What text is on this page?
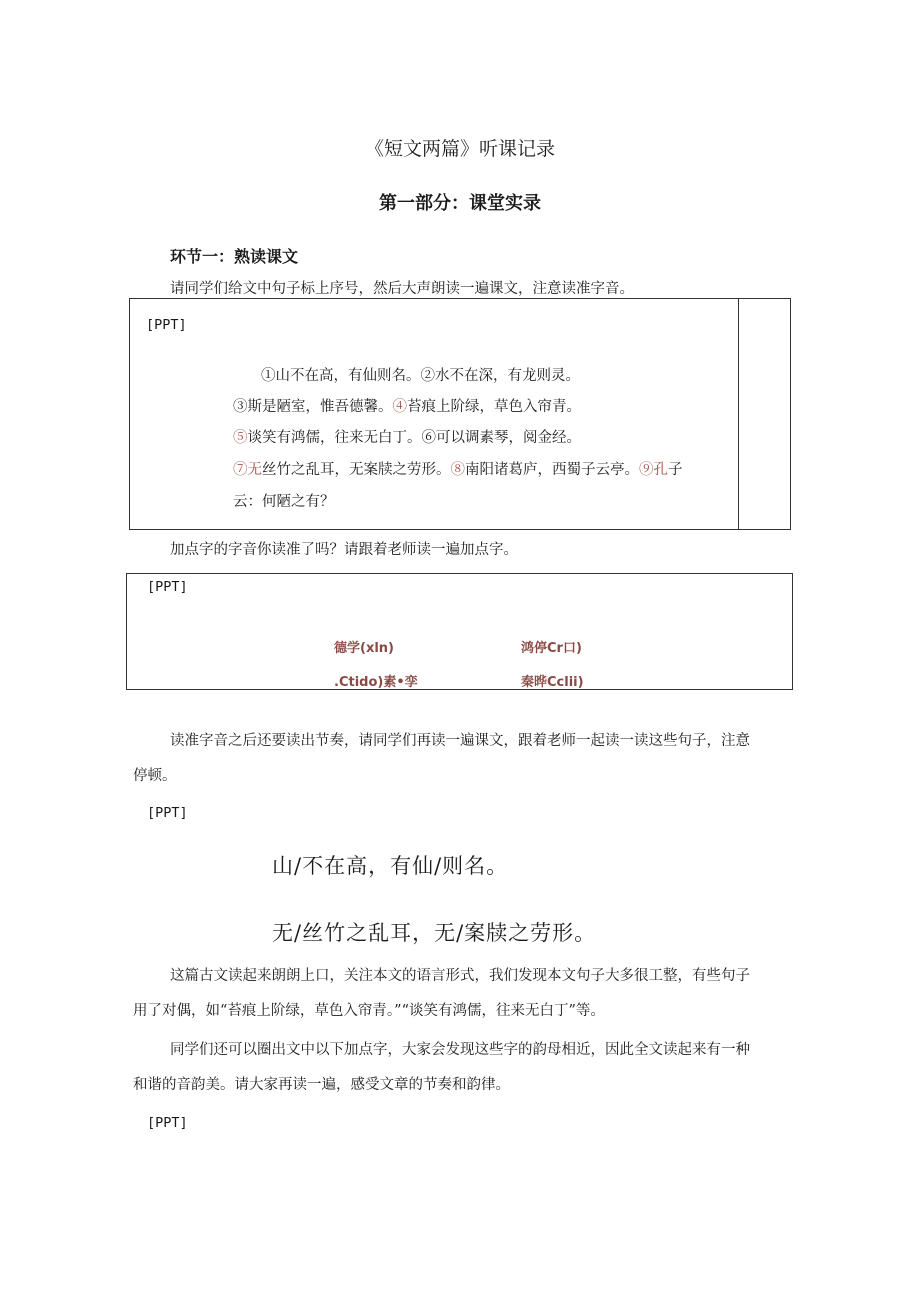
《短文两篇》听课记录
第一部分：课堂实录
环节一：熟读课文
请同学们给文中句子标上序号，然后大声朗读一遍课文，注意读准字音。
[PPT]
①山不在高，有仙则名。②水不在深，有龙则灵。
③斯是陋室，惟吾德馨。④苔痕上阶绿，草色入帘青。
⑤谈笑有鸿儒，往来无白丁。⑥可以调素琴，阅金经。
⑦无丝竹之乱耳，无案牍之劳形。⑧南阳诸葛庐，西蜀子云亭。⑨孔子
云：何陋之有？
加点字的字音你读准了吗？请跟着老师读一遍加点字。
[PPT]
德学(xln)	鸿停Cr口)
.Ctido)素•孪	秦晔Cclii)
读准字音之后还要读出节奏，请同学们再读一遍课文，跟着老师一起读一读这些句子，注意
停顿。
[PPT]
山/不在高，有仙/则名。
无/丝竹之乱耳，无/案牍之劳形。
这篇古文读起来朗朗上口，关注本文的语言形式，我们发现本文句子大多很工整，有些句子
用了对偶，如“苔痕上阶绿，草色入帘青。”“谈笑有鸿儒，往来无白丁”等。
同学们还可以圈出文中以下加点字，大家会发现这些字的韵母相近，因此全文读起来有一种
和谐的音韵美。请大家再读一遍，感受文章的节奏和韵律。
[PPT]
